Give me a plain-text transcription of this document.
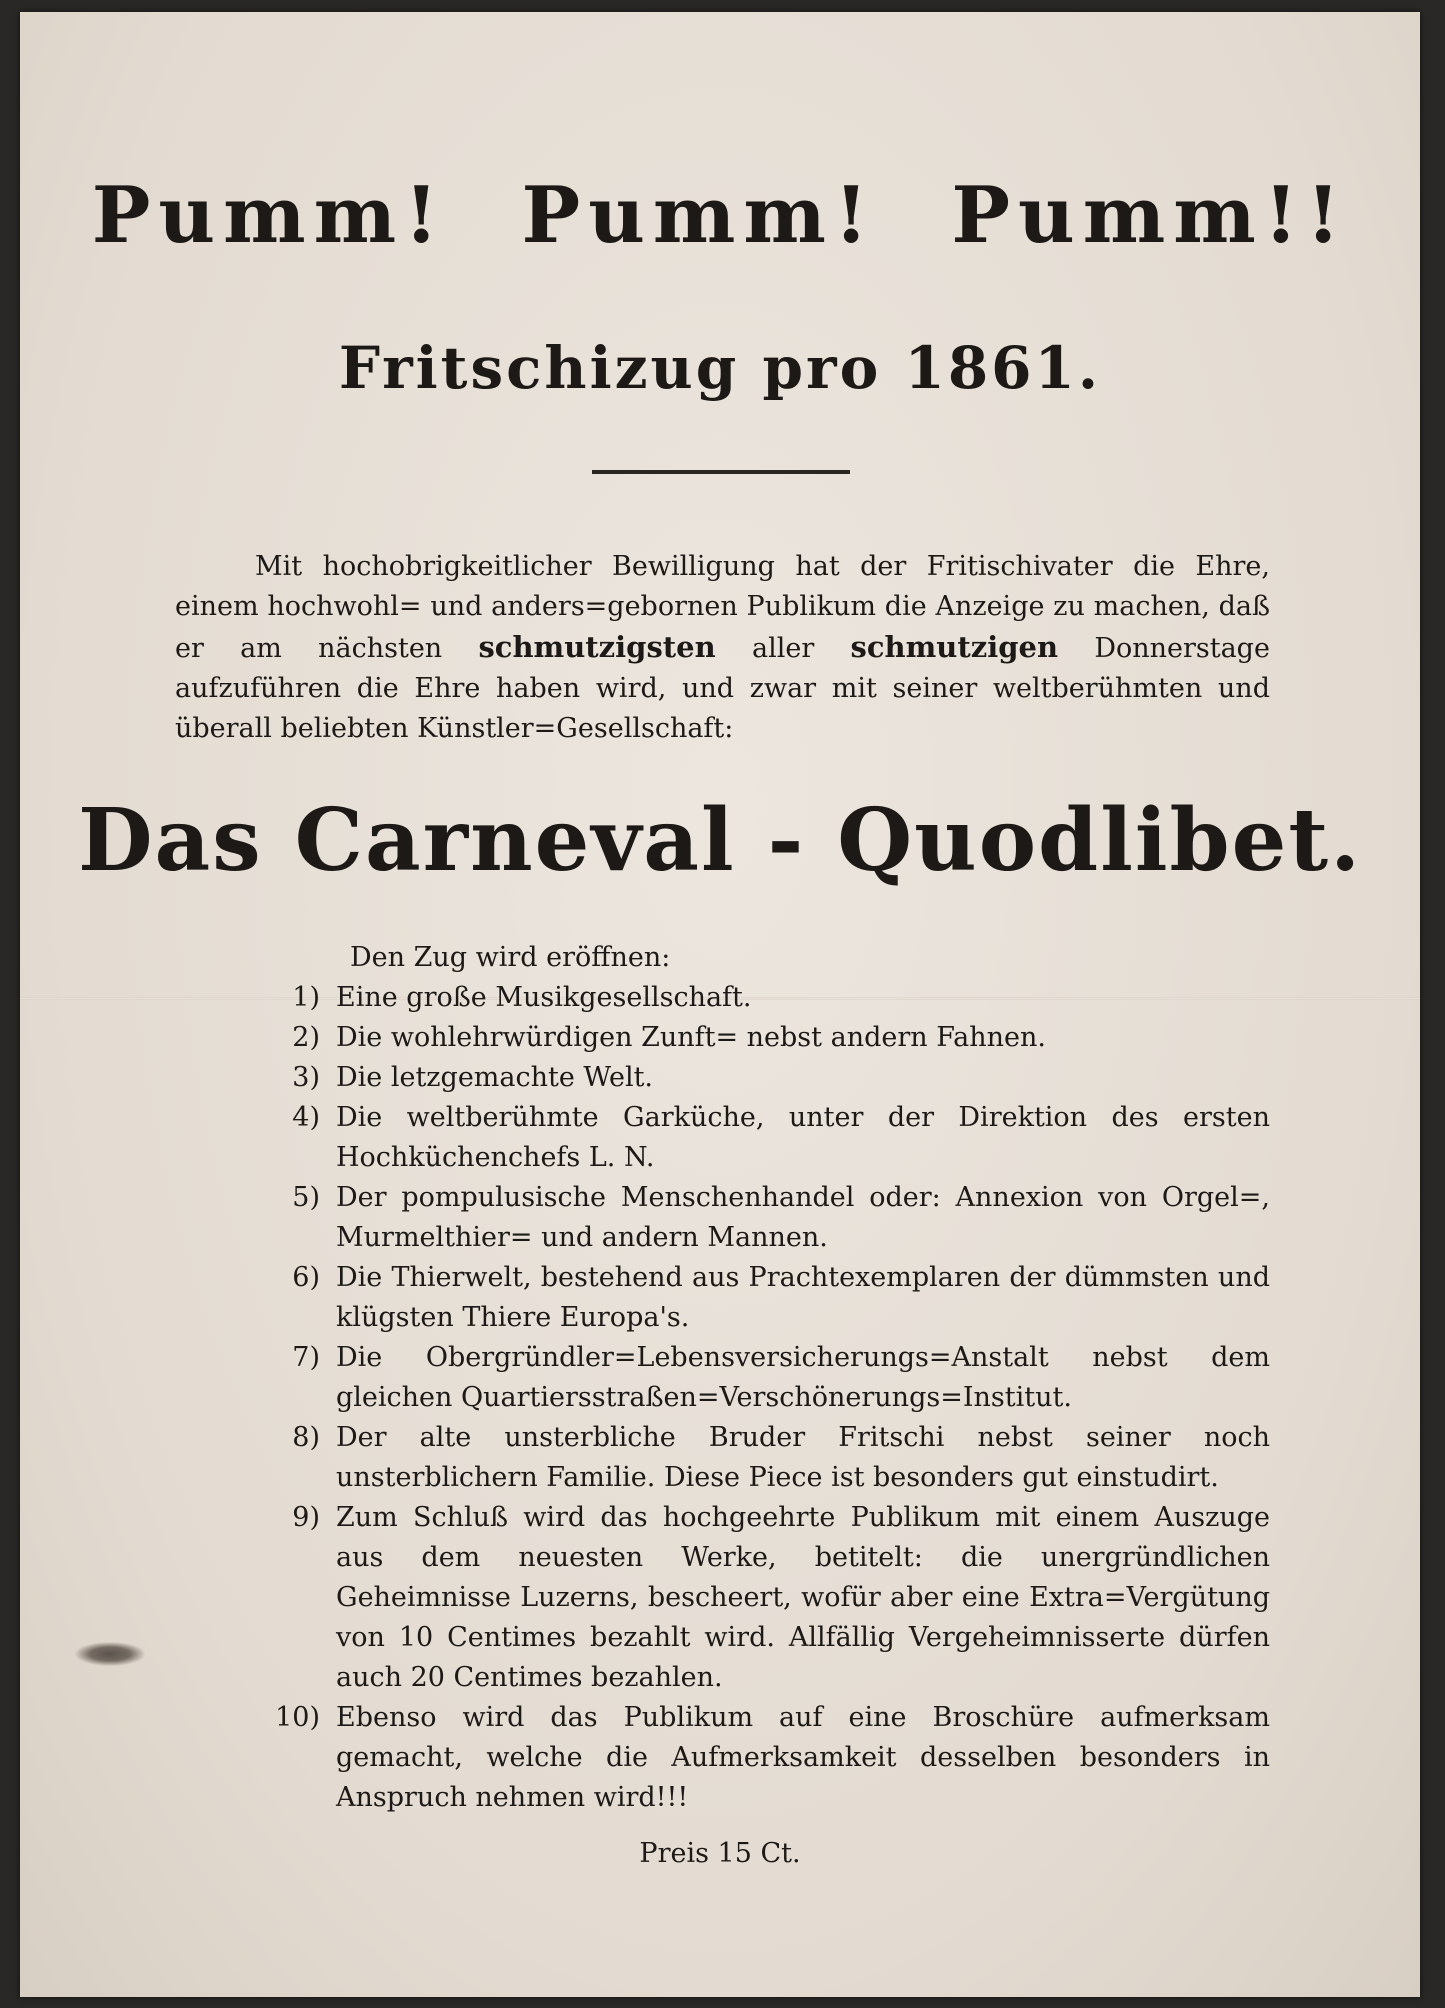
Pumm! Pumm! Pumm!!
Fritschizug pro 1861.

Mit hochobrigkeitlicher Bewilligung hat der Fritischivater die Ehre, einem hochwohl= und anders=gebornen Publikum die Anzeige zu machen, daß er am nächsten schmutzigsten aller schmutzigen Donnerstage aufzuführen die Ehre haben wird, und zwar mit seiner weltberühmten und überall beliebten Künstler=Gesellschaft:

Das Carneval - Quodlibet.
Den Zug wird eröffnen:
1) Eine große Musikgesellschaft.
2) Die wohlehrwürdigen Zunft= nebst andern Fahnen.
3) Die letzgemachte Welt.
4) Die weltberühmte Garküche, unter der Direktion des ersten Hochküchenchefs L. N.
5) Der pompulusische Menschenhandel oder: Annexion von Orgel=, Murmelthier= und andern Mannen.
6) Die Thierwelt, bestehend aus Prachtexemplaren der dümmsten und klügsten Thiere Europa's.
7) Die Obergründler=Lebensversicherungs=Anstalt nebst dem gleichen Quartiersstraßen=Verschönerungs=Institut.
8) Der alte unsterbliche Bruder Fritschi nebst seiner noch unsterblichern Familie. Diese Piece ist besonders gut einstudirt.
9) Zum Schluß wird das hochgeehrte Publikum mit einem Auszuge aus dem neuesten Werke, betitelt: die unergründlichen Geheimnisse Luzerns, bescheert, wofür aber eine Extra=Vergütung von 10 Centimes bezahlt wird. Allfällig Vergeheimnisserte dürfen auch 20 Centimes bezahlen.
10) Ebenso wird das Publikum auf eine Broschüre aufmerksam gemacht, welche die Aufmerksamkeit desselben besonders in Anspruch nehmen wird!!!
Preis 15 Ct.
